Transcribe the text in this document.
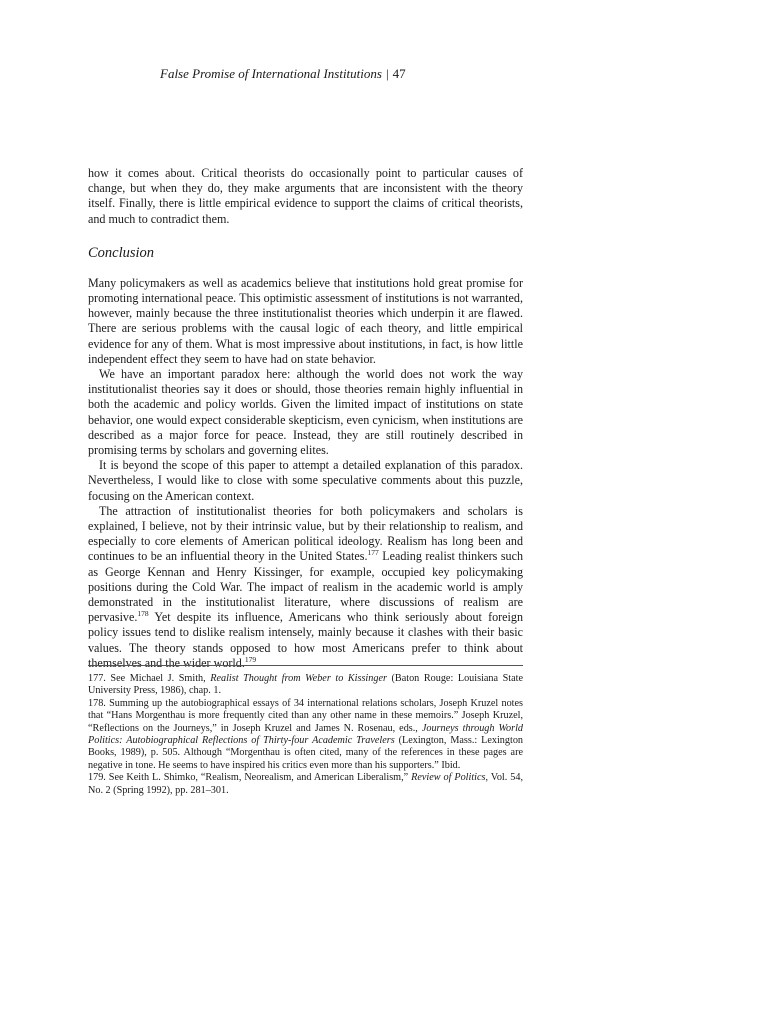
False Promise of International Institutions | 47

how it comes about. Critical theorists do occasionally point to particular causes of change, but when they do, they make arguments that are inconsistent with the theory itself. Finally, there is little empirical evidence to support the claims of critical theorists, and much to contradict them.

Conclusion

Many policymakers as well as academics believe that institutions hold great promise for promoting international peace. This optimistic assessment of institutions is not warranted, however, mainly because the three institutionalist theories which underpin it are flawed. There are serious problems with the causal logic of each theory, and little empirical evidence for any of them. What is most impressive about institutions, in fact, is how little independent effect they seem to have had on state behavior.

We have an important paradox here: although the world does not work the way institutionalist theories say it does or should, those theories remain highly influential in both the academic and policy worlds. Given the limited impact of institutions on state behavior, one would expect considerable skepticism, even cynicism, when institutions are described as a major force for peace. Instead, they are still routinely described in promising terms by scholars and governing elites.

It is beyond the scope of this paper to attempt a detailed explanation of this paradox. Nevertheless, I would like to close with some speculative comments about this puzzle, focusing on the American context.

The attraction of institutionalist theories for both policymakers and scholars is explained, I believe, not by their intrinsic value, but by their relationship to realism, and especially to core elements of American political ideology. Realism has long been and continues to be an influential theory in the United States.$^{177}$ Leading realist thinkers such as George Kennan and Henry Kissinger, for example, occupied key policymaking positions during the Cold War. The impact of realism in the academic world is amply demonstrated in the institutionalist literature, where discussions of realism are pervasive.$^{178}$ Yet despite its influence, Americans who think seriously about foreign policy issues tend to dislike realism intensely, mainly because it clashes with their basic values. The theory stands opposed to how most Americans prefer to think about themselves and the wider world.$^{179}$

177. See Michael J. Smith, Realist Thought from Weber to Kissinger (Baton Rouge: Louisiana State University Press, 1986), chap. 1.

178. Summing up the autobiographical essays of 34 international relations scholars, Joseph Kruzel notes that “Hans Morgenthau is more frequently cited than any other name in these memoirs.” Joseph Kruzel, “Reflections on the Journeys,” in Joseph Kruzel and James N. Rosenau, eds., Journeys through World Politics: Autobiographical Reflections of Thirty-four Academic Travelers (Lexington, Mass.: Lexington Books, 1989), p. 505. Although “Morgenthau is often cited, many of the references in these pages are negative in tone. He seems to have inspired his critics even more than his supporters.” Ibid.

179. See Keith L. Shimko, “Realism, Neorealism, and American Liberalism,” Review of Politics, Vol. 54, No. 2 (Spring 1992), pp. 281–301.
